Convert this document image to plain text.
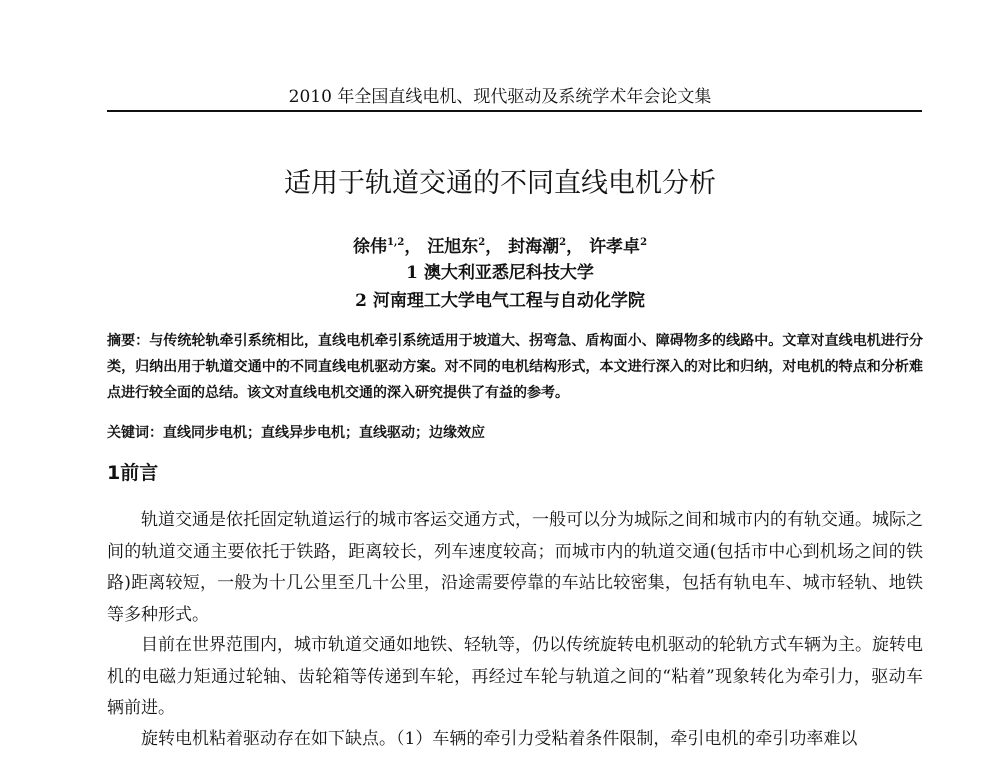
2010 年全国直线电机、现代驱动及系统学术年会论文集
适用于轨道交通的不同直线电机分析
徐伟$^{1,2}$， 汪旭东$^2$， 封海潮$^2$， 许孝卓$^2$
1 澳大利亚悉尼科技大学
2 河南理工大学电气工程与自动化学院
摘要：与传统轮轨牵引系统相比，直线电机牵引系统适用于坡道大、拐弯急、盾构面小、障碍物多的线路中。文章对直线电机进行分类，归纳出用于轨道交通中的不同直线电机驱动方案。对不同的电机结构形式，本文进行深入的对比和归纳，对电机的特点和分析难点进行较全面的总结。该文对直线电机交通的深入研究提供了有益的参考。
关键词：直线同步电机；直线异步电机；直线驱动；边缘效应
1前言

轨道交通是依托固定轨道运行的城市客运交通方式，一般可以分为城际之间和城市内的有轨交通。城际之间的轨道交通主要依托于铁路，距离较长，列车速度较高；而城市内的轨道交通(包括市中心到机场之间的铁路)距离较短，一般为十几公里至几十公里，沿途需要停靠的车站比较密集，包括有轨电车、城市轻轨、地铁等多种形式。

目前在世界范围内，城市轨道交通如地铁、轻轨等，仍以传统旋转电机驱动的轮轨方式车辆为主。旋转电机的电磁力矩通过轮轴、齿轮箱等传递到车轮，再经过车轮与轨道之间的“粘着”现象转化为牵引力，驱动车辆前进。

旋转电机粘着驱动存在如下缺点。（1）车辆的牵引力受粘着条件限制，牵引电机的牵引功率难以
